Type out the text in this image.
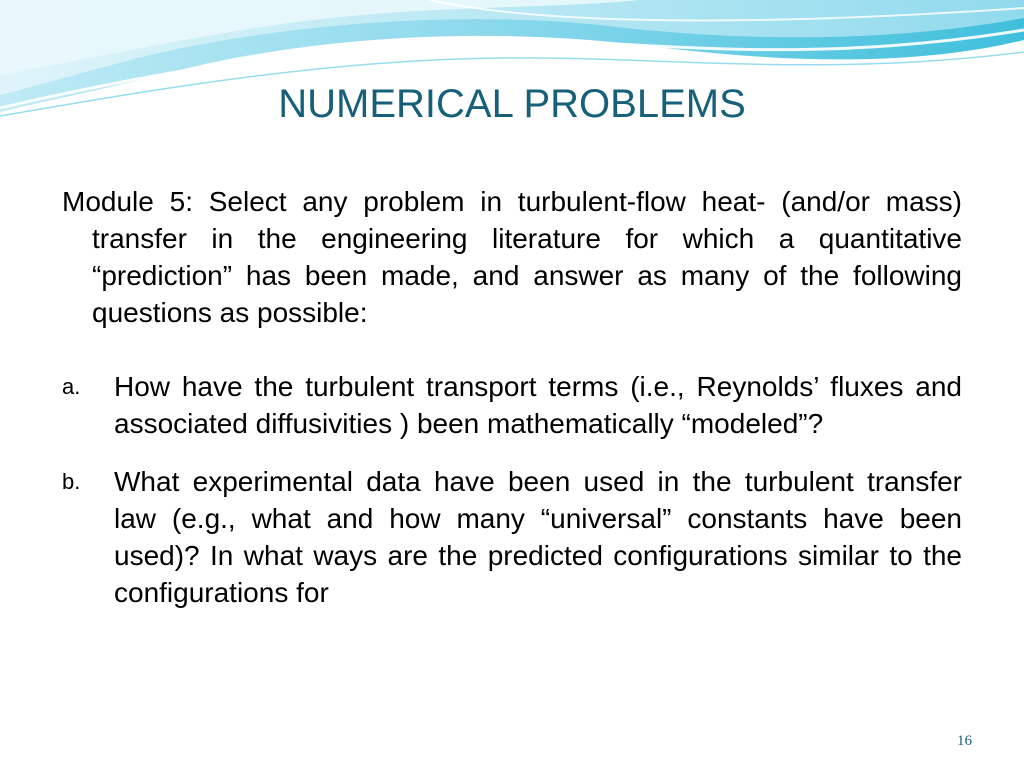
NUMERICAL PROBLEMS

Module 5: Select any problem in turbulent-flow heat- (and/or mass) transfer in the engineering literature for which a quantitative “prediction” has been made, and answer as many of the following questions as possible:

a. How have the turbulent transport terms (i.e., Reynolds’ fluxes and associated diffusivities ) been mathematically “modeled”?
b. What experimental data have been used in the turbulent transfer law (e.g., what and how many “universal” constants have been used)? In what ways are the predicted configurations similar to the configurations for
16
